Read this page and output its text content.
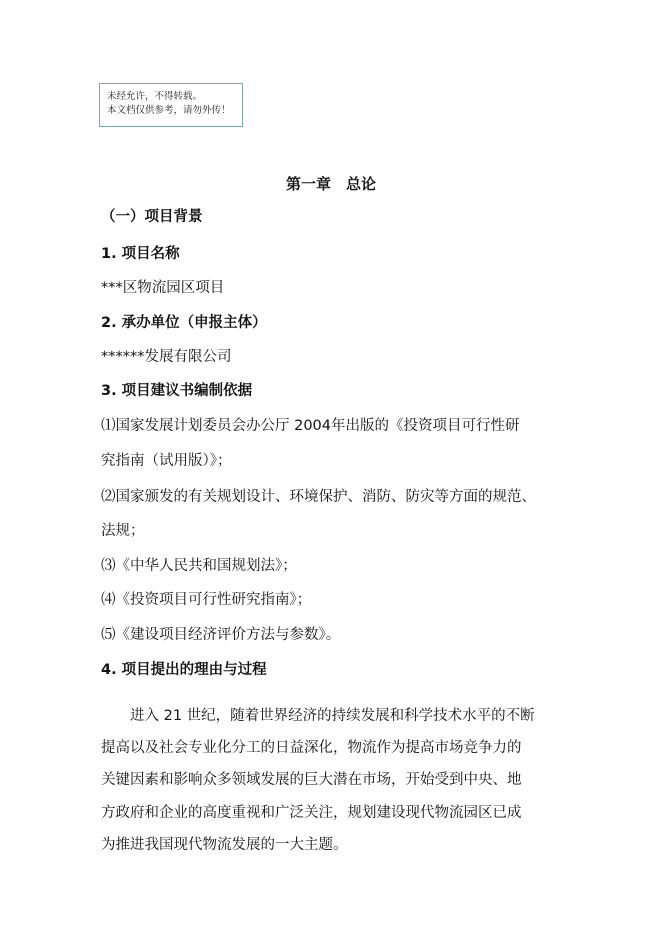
未经允许，不得转载。
本文档仅供参考，请勿外传！
第一章　总论
（一）项目背景
1. 项目名称
***区物流园区项目
2. 承办单位（申报主体）
******发展有限公司
3. 项目建议书编制依据
⑴国家发展计划委员会办公厅 2004年出版的《投资项目可行性研
究指南（试用版）》；
⑵国家颁发的有关规划设计、环境保护、消防、防灾等方面的规范、
法规；
⑶《中华人民共和国规划法》；
⑷《投资项目可行性研究指南》；
⑸《建设项目经济评价方法与参数》。
4. 项目提出的理由与过程
进入 21 世纪，随着世界经济的持续发展和科学技术水平的不断
提高以及社会专业化分工的日益深化，物流作为提高市场竞争力的
关键因素和影响众多领域发展的巨大潜在市场，开始受到中央、地
方政府和企业的高度重视和广泛关注，规划建设现代物流园区已成
为推进我国现代物流发展的一大主题。
